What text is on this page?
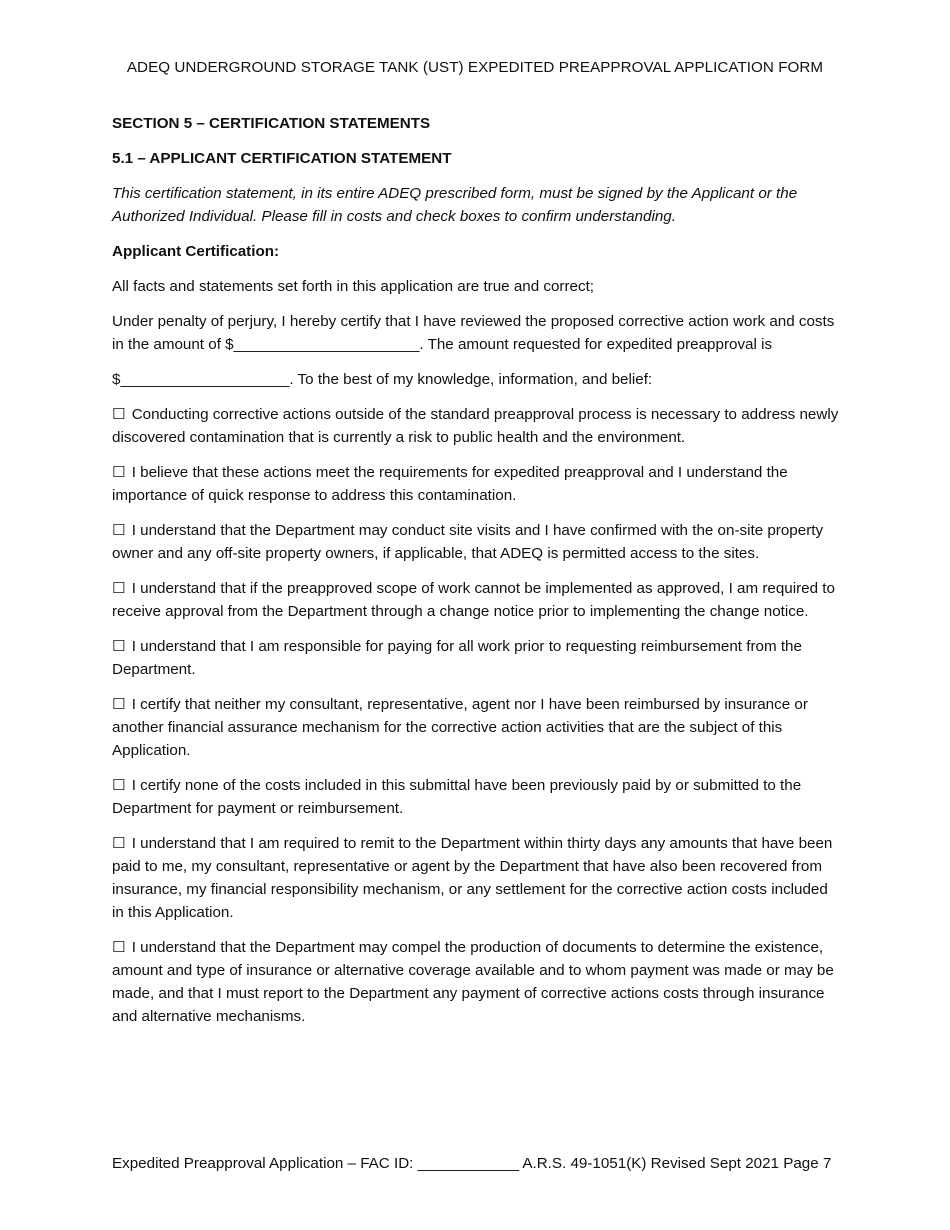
ADEQ UNDERGROUND STORAGE TANK (UST) EXPEDITED PREAPPROVAL APPLICATION FORM
SECTION 5 – CERTIFICATION STATEMENTS
5.1 – APPLICANT CERTIFICATION STATEMENT
This certification statement, in its entire ADEQ prescribed form, must be signed by the Applicant or the Authorized Individual. Please fill in costs and check boxes to confirm understanding.
Applicant Certification:

All facts and statements set forth in this application are true and correct;

Under penalty of perjury, I hereby certify that I have reviewed the proposed corrective action work and costs in the amount of $______________________. The amount requested for expedited preapproval is

$____________________. To the best of my knowledge, information, and belief:

☐ Conducting corrective actions outside of the standard preapproval process is necessary to address newly discovered contamination that is currently a risk to public health and the environment.
☐ I believe that these actions meet the requirements for expedited preapproval and I understand the importance of quick response to address this contamination.
☐ I understand that the Department may conduct site visits and I have confirmed with the on-site property owner and any off-site property owners, if applicable, that ADEQ is permitted access to the sites.
☐ I understand that if the preapproved scope of work cannot be implemented as approved, I am required to receive approval from the Department through a change notice prior to implementing the change notice.
☐ I understand that I am responsible for paying for all work prior to requesting reimbursement from the Department.
☐ I certify that neither my consultant, representative, agent nor I have been reimbursed by insurance or another financial assurance mechanism for the corrective action activities that are the subject of this Application.
☐ I certify none of the costs included in this submittal have been previously paid by or submitted to the Department for payment or reimbursement.
☐ I understand that I am required to remit to the Department within thirty days any amounts that have been paid to me, my consultant, representative or agent by the Department that have also been recovered from insurance, my financial responsibility mechanism, or any settlement for the corrective action costs included in this Application.
☐ I understand that the Department may compel the production of documents to determine the existence, amount and type of insurance or alternative coverage available and to whom payment was made or may be made, and that I must report to the Department any payment of corrective actions costs through insurance and alternative mechanisms.
Expedited Preapproval Application – FAC ID: ____________ A.R.S. 49-1051(K) Revised Sept 2021 Page 7
